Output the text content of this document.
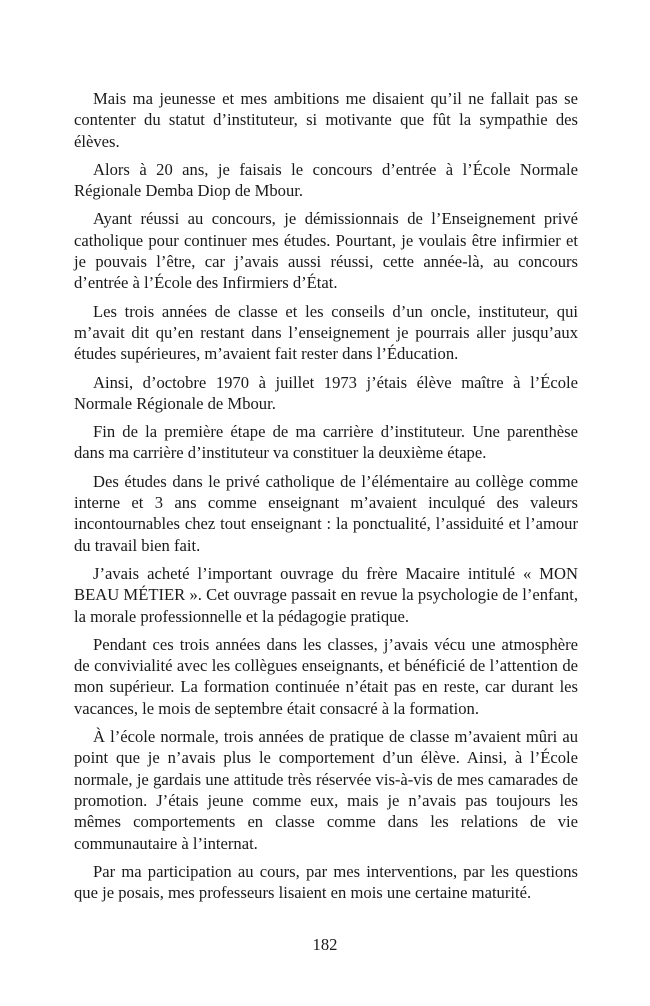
Mais ma jeunesse et mes ambitions me disaient qu’il ne fallait pas se contenter du statut d’instituteur, si motivante que fût la sympathie des élèves.

Alors à 20 ans, je faisais le concours d’entrée à l’École Normale Régionale Demba Diop de Mbour.

Ayant réussi au concours, je démissionnais de l’Enseignement privé catholique pour continuer mes études. Pourtant, je voulais être infirmier et je pouvais l’être, car j’avais aussi réussi, cette année-là, au concours d’entrée à l’École des Infirmiers d’État.

Les trois années de classe et les conseils d’un oncle, instituteur, qui m’avait dit qu’en restant dans l’enseignement je pourrais aller jusqu’aux études supérieures, m’avaient fait rester dans l’Éducation.

Ainsi, d’octobre 1970 à juillet 1973 j’étais élève maître à l’École Normale Régionale de Mbour.

Fin de la première étape de ma carrière d’instituteur. Une parenthèse dans ma carrière d’instituteur va constituer la deuxième étape.

Des études dans le privé catholique de l’élémentaire au collège comme interne et 3 ans comme enseignant m’avaient inculqué des valeurs incontournables chez tout enseignant : la ponctualité, l’assiduité et l’amour du travail bien fait.

J’avais acheté l’important ouvrage du frère Macaire intitulé « MON BEAU MÉTIER ». Cet ouvrage passait en revue la psychologie de l’enfant, la morale professionnelle et la pédagogie pratique.

Pendant ces trois années dans les classes, j’avais vécu une atmosphère de convivialité avec les collègues enseignants, et bénéficié de l’attention de mon supérieur. La formation continuée n’était pas en reste, car durant les vacances, le mois de septembre était consacré à la formation.

À l’école normale, trois années de pratique de classe m’avaient mûri au point que je n’avais plus le comportement d’un élève. Ainsi, à l’École normale, je gardais une attitude très réservée vis-à-vis de mes camarades de promotion. J’étais jeune comme eux, mais je n’avais pas toujours les mêmes comportements en classe comme dans les relations de vie communautaire à l’internat.

Par ma participation au cours, par mes interventions, par les questions que je posais, mes professeurs lisaient en mois une certaine maturité.

182
